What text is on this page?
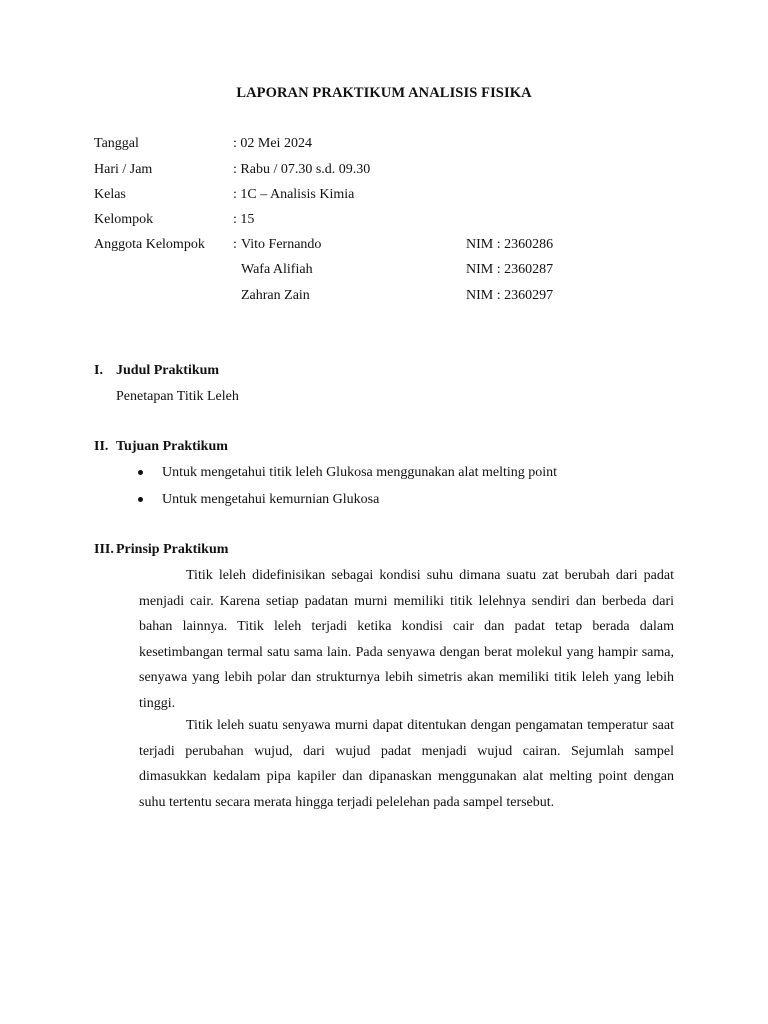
LAPORAN PRAKTIKUM ANALISIS FISIKA
Tanggal	: 02 Mei 2024
Hari / Jam	: Rabu / 07.30 s.d. 09.30
Kelas	: 1C – Analisis Kimia
Kelompok	: 15
Anggota Kelompok : Vito Fernando	NIM : 2360286
Wafa Alifiah	NIM : 2360287
Zahran Zain	NIM : 2360297
I. Judul Praktikum
Penetapan Titik Leleh
II. Tujuan Praktikum
Untuk mengetahui titik leleh Glukosa menggunakan alat melting point
Untuk mengetahui kemurnian Glukosa
III. Prinsip Praktikum

Titik leleh didefinisikan sebagai kondisi suhu dimana suatu zat berubah dari padat menjadi cair. Karena setiap padatan murni memiliki titik lelehnya sendiri dan berbeda dari bahan lainnya. Titik leleh terjadi ketika kondisi cair dan padat tetap berada dalam kesetimbangan termal satu sama lain. Pada senyawa dengan berat molekul yang hampir sama, senyawa yang lebih polar dan strukturnya lebih simetris akan memiliki titik leleh yang lebih tinggi.

Titik leleh suatu senyawa murni dapat ditentukan dengan pengamatan temperatur saat terjadi perubahan wujud, dari wujud padat menjadi wujud cairan. Sejumlah sampel dimasukkan kedalam pipa kapiler dan dipanaskan menggunakan alat melting point dengan suhu tertentu secara merata hingga terjadi pelelehan pada sampel tersebut.
